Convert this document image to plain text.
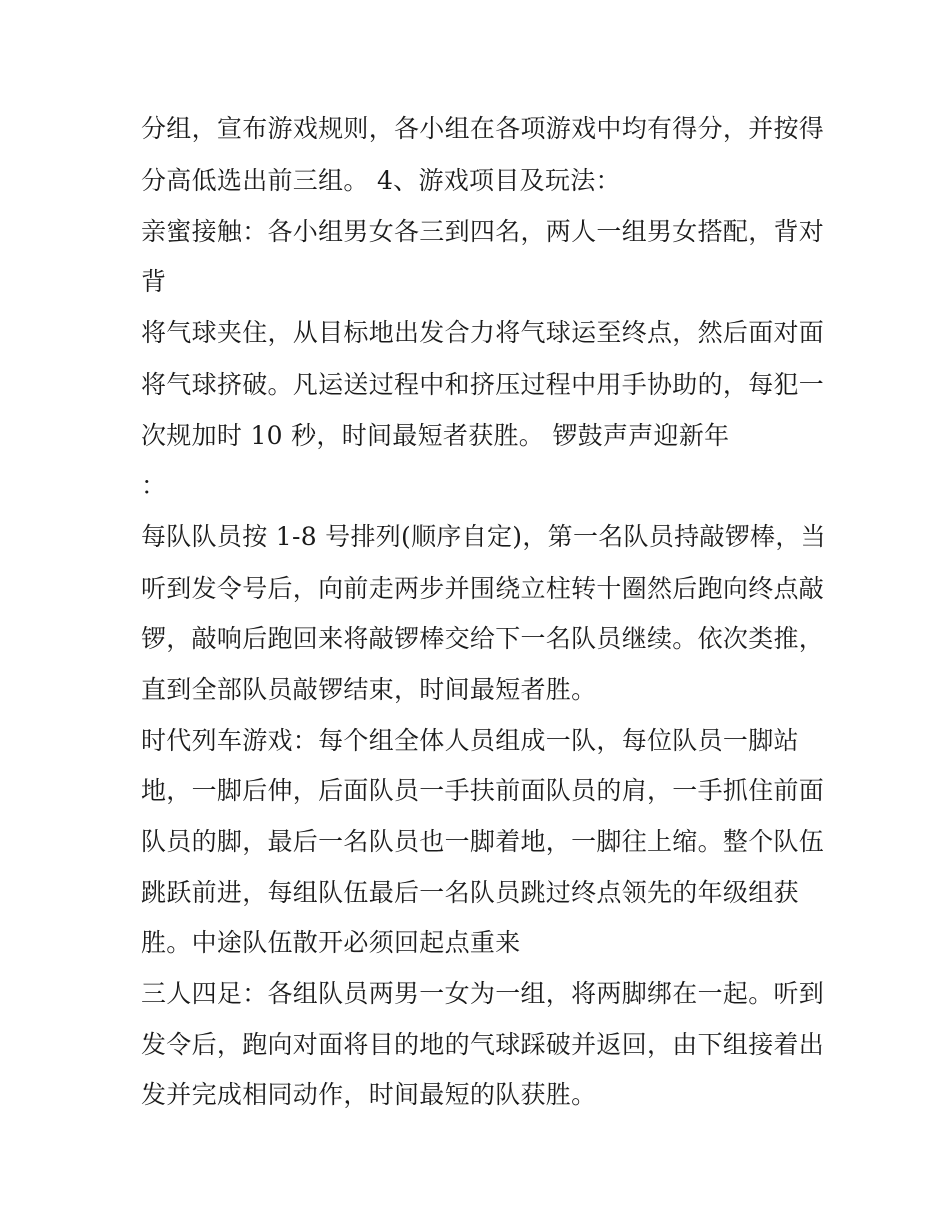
分组，宣布游戏规则，各小组在各项游戏中均有得分，并按得

分高低选出前三组。 4、游戏项目及玩法：

亲蜜接触：各小组男女各三到四名，两人一组男女搭配，背对

背

将气球夹住，从目标地出发合力将气球运至终点，然后面对面

将气球挤破。凡运送过程中和挤压过程中用手协助的，每犯一

次规加时 10 秒，时间最短者获胜。 锣鼓声声迎新年

：

每队队员按 1-8 号排列(顺序自定)，第一名队员持敲锣棒，当

听到发令号后，向前走两步并围绕立柱转十圈然后跑向终点敲

锣，敲响后跑回来将敲锣棒交给下一名队员继续。依次类推，

直到全部队员敲锣结束，时间最短者胜。

时代列车游戏：每个组全体人员组成一队，每位队员一脚站

地，一脚后伸，后面队员一手扶前面队员的肩，一手抓住前面

队员的脚，最后一名队员也一脚着地，一脚往上缩。整个队伍

跳跃前进，每组队伍最后一名队员跳过终点领先的年级组获

胜。中途队伍散开必须回起点重来

三人四足：各组队员两男一女为一组，将两脚绑在一起。听到

发令后，跑向对面将目的地的气球踩破并返回，由下组接着出

发并完成相同动作，时间最短的队获胜。
